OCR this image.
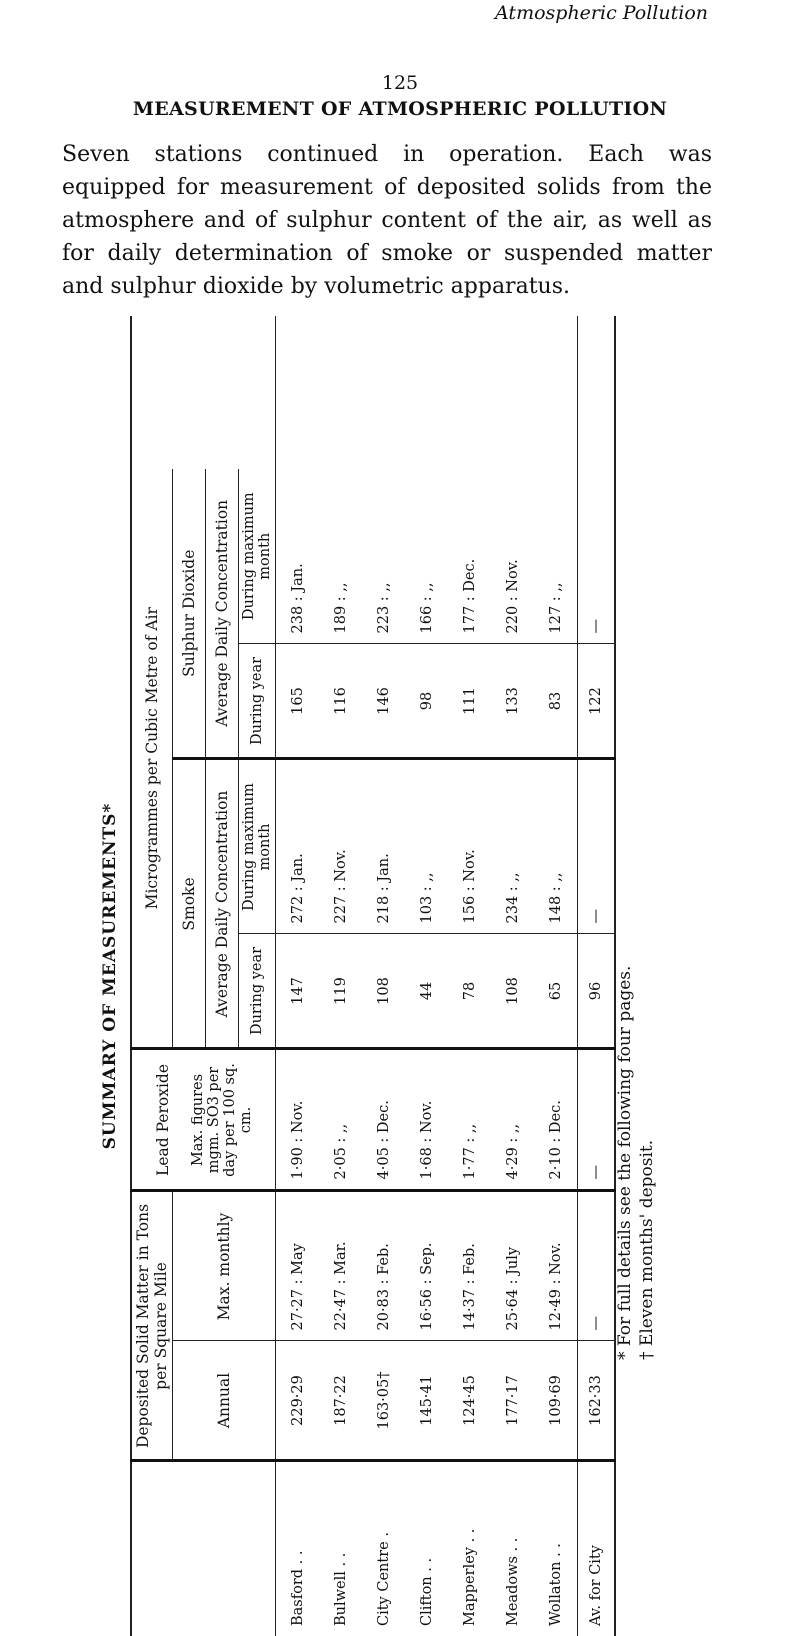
Atmospheric Pollution
125
MEASUREMENT OF ATMOSPHERIC POLLUTION
Seven stations continued in operation. Each was equipped for measurement of deposited solids from the atmosphere and of sulphur content of the air, as well as for daily determination of smoke or suspended matter and sulphur dioxide by volumetric apparatus.
SUMMARY OF MEASUREMENTS*
	Deposited Solid Matter in Tons per Square Mile		Lead Peroxide Max. figures mgm. SO3 per day per 100 sq. cm.	Microgrammes per Cubic Metre of Air				
	Annual	Max. monthly		Smoke		Sulphur Dioxide		
				Average Daily Concentration		Average Daily Concentration		
				During year	During maximum month	During year	During maximum month	
Basford . .	229·29	27·27 : May	1·90 : Nov.	147	272 : Jan.	165	238 : Jan.	
Bulwell . .	187·22	22·47 : Mar.	2·05 : ,,	119	227 : Nov.	116	189 : ,,	
City Centre .	163·05†	20·83 : Feb.	4·05 : Dec.	108	218 : Jan.	146	223 : ,,	
Clifton . .	145·41	16·56 : Sep.	1·68 : Nov.	44	103 : ,,	98	166 : ,,	
Mapperley . .	124·45	14·37 : Feb.	1·77 : ,,	78	156 : Nov.	111	177 : Dec.	
Meadows . .	177·17	25·64 : July	4·29 : ,,	108	234 : ,,	133	220 : Nov.	
Wollaton . .	109·69	12·49 : Nov.	2·10 : Dec.	65	148 : ,,	83	127 : ,,	
Av. for City	162·33	—	—	96	—	122	—	
* For full details see the following four pages. † Eleven months' deposit.
